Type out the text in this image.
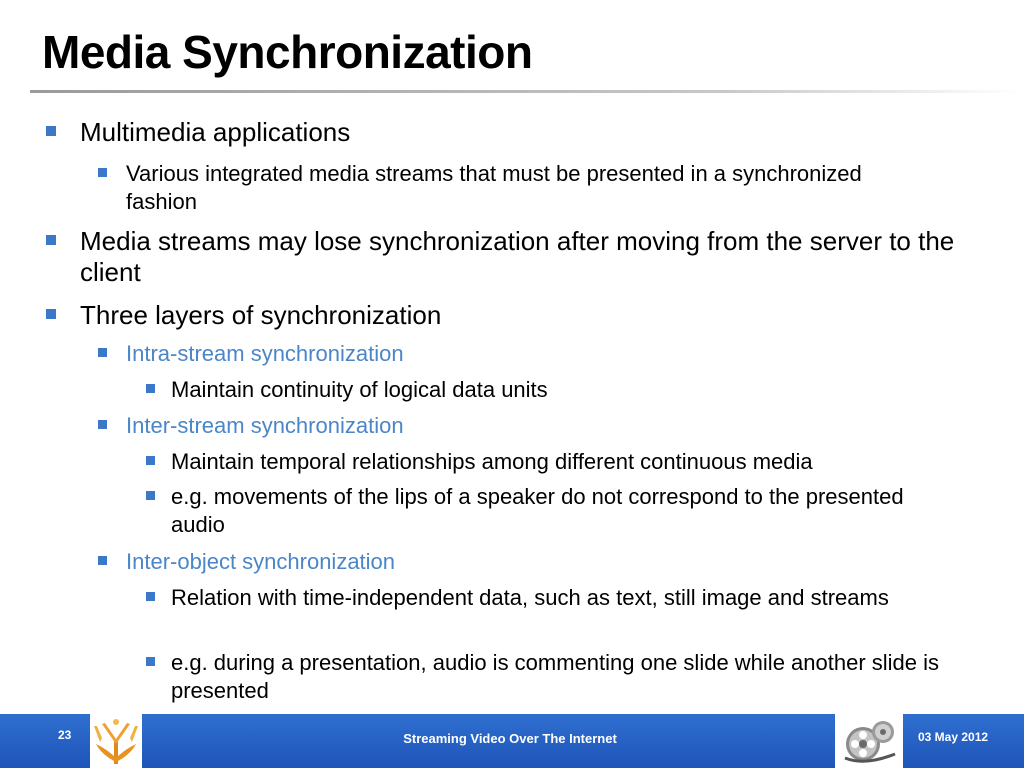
Media Synchronization
Multimedia applications
Various integrated media streams that must be presented in a synchronized fashion
Media streams may lose synchronization after moving from the server to the client
Three layers of synchronization
Intra-stream synchronization
Maintain continuity of logical data units
Inter-stream synchronization
Maintain temporal relationships among different continuous media
e.g. movements of the lips of a speaker do not correspond to the presented audio
Inter-object synchronization
Relation with time-independent data, such as text, still image and streams
e.g. during a presentation, audio is commenting one slide while another slide is presented
23	Streaming Video Over The Internet	03 May 2012
